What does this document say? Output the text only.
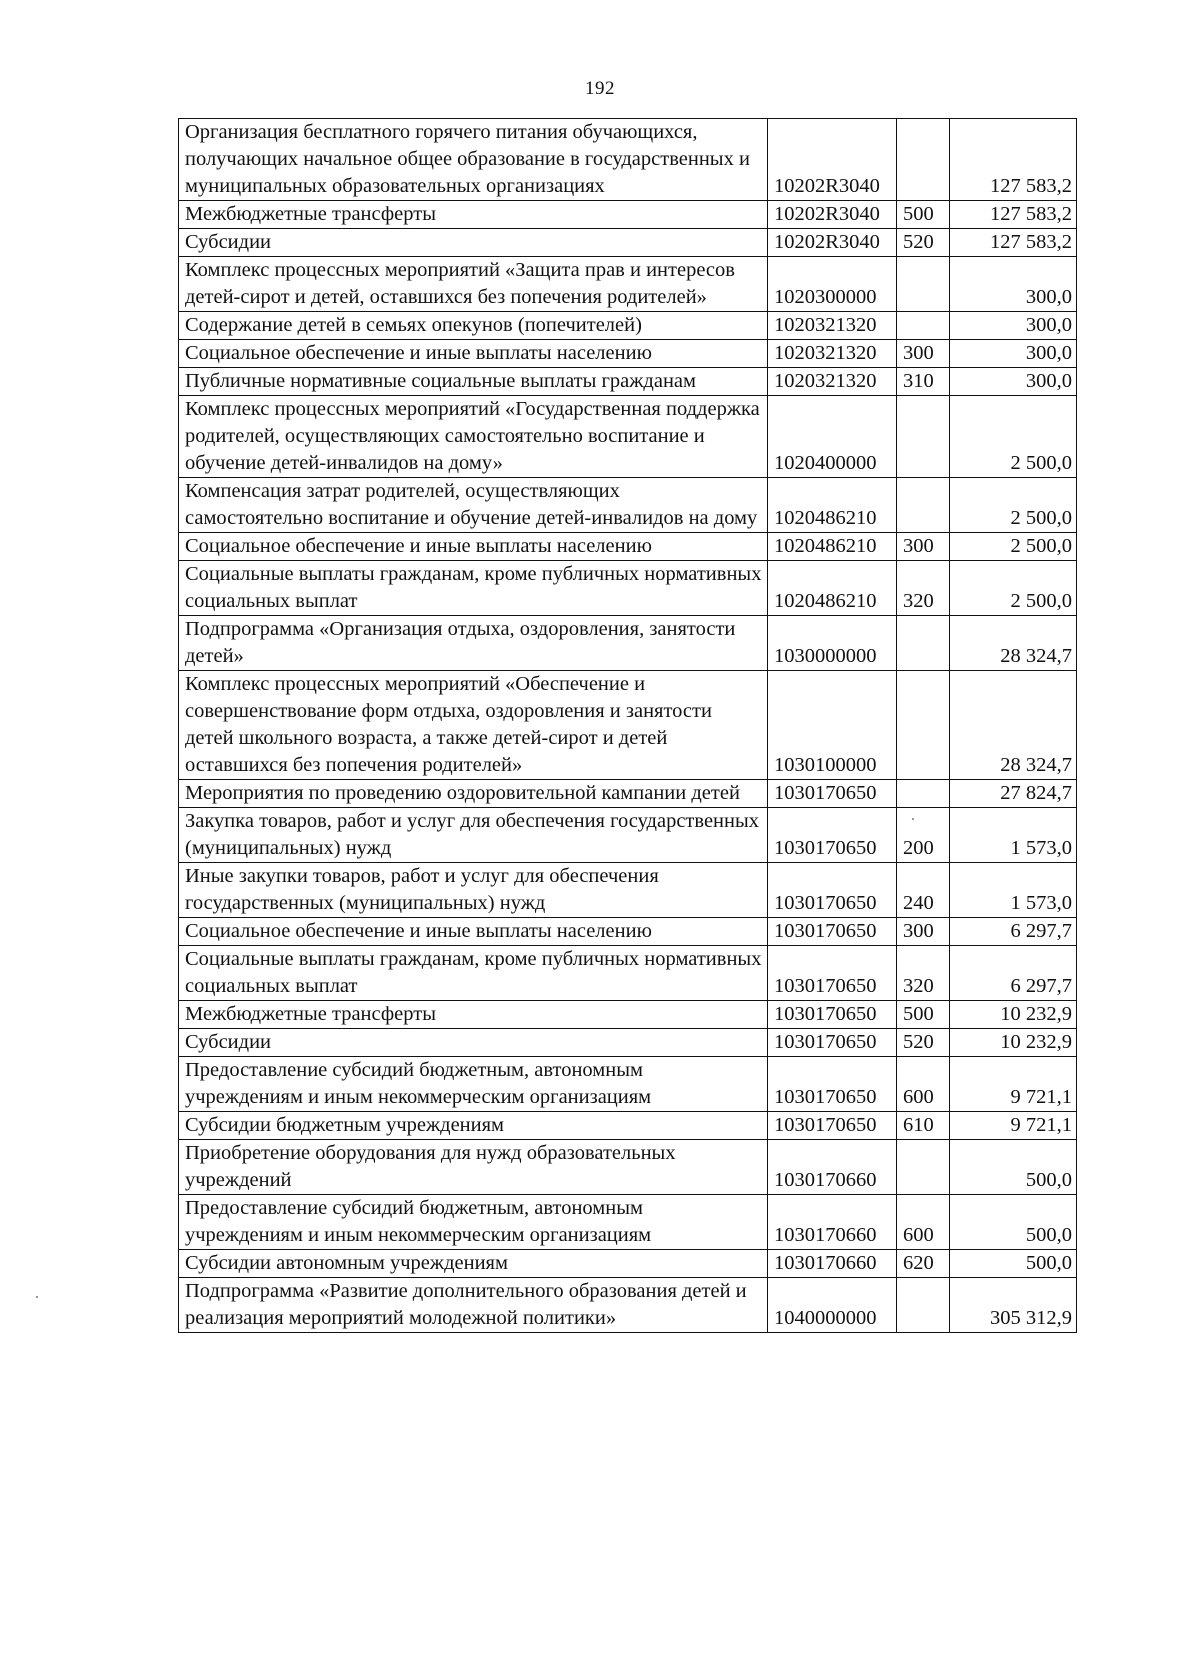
192
Организация бесплатного горячего питания обучающихся, получающих начальное общее образование в государственных и муниципальных образовательных организациях	10202R3040		127 583,2
Межбюджетные трансферты	10202R3040	500	127 583,2
Субсидии	10202R3040	520	127 583,2
Комплекс процессных мероприятий «Защита прав и интересов детей-сирот и детей, оставшихся без попечения родителей»	1020300000		300,0
Содержание детей в семьях опекунов (попечителей)	1020321320		300,0
Социальное обеспечение и иные выплаты населению	1020321320	300	300,0
Публичные нормативные социальные выплаты гражданам	1020321320	310	300,0
Комплекс процессных мероприятий «Государственная поддержка родителей, осуществляющих самостоятельно воспитание и обучение детей-инвалидов на дому»	1020400000		2 500,0
Компенсация затрат родителей, осуществляющих самостоятельно воспитание и обучение детей-инвалидов на дому	1020486210		2 500,0
Социальное обеспечение и иные выплаты населению	1020486210	300	2 500,0
Социальные выплаты гражданам, кроме публичных нормативных социальных выплат	1020486210	320	2 500,0
Подпрограмма «Организация отдыха, оздоровления, занятости детей»	1030000000		28 324,7
Комплекс процессных мероприятий «Обеспечение и совершенствование форм отдыха, оздоровления и занятости детей школьного возраста, а также детей-сирот и детей оставшихся без попечения родителей»	1030100000		28 324,7
Мероприятия по проведению оздоровительной кампании детей	1030170650		27 824,7
Закупка товаров, работ и услуг для обеспечения государственных (муниципальных) нужд	1030170650	200	1 573,0
Иные закупки товаров, работ и услуг для обеспечения государственных (муниципальных) нужд	1030170650	240	1 573,0
Социальное обеспечение и иные выплаты населению	1030170650	300	6 297,7
Социальные выплаты гражданам, кроме публичных нормативных социальных выплат	1030170650	320	6 297,7
Межбюджетные трансферты	1030170650	500	10 232,9
Субсидии	1030170650	520	10 232,9
Предоставление субсидий бюджетным, автономным учреждениям и иным некоммерческим организациям	1030170650	600	9 721,1
Субсидии бюджетным учреждениям	1030170650	610	9 721,1
Приобретение оборудования для нужд образовательных учреждений	1030170660		500,0
Предоставление субсидий бюджетным, автономным учреждениям и иным некоммерческим организациям	1030170660	600	500,0
Субсидии автономным учреждениям	1030170660	620	500,0
Подпрограмма «Развитие дополнительного образования детей и реализация мероприятий молодежной политики»	1040000000		305 312,9
